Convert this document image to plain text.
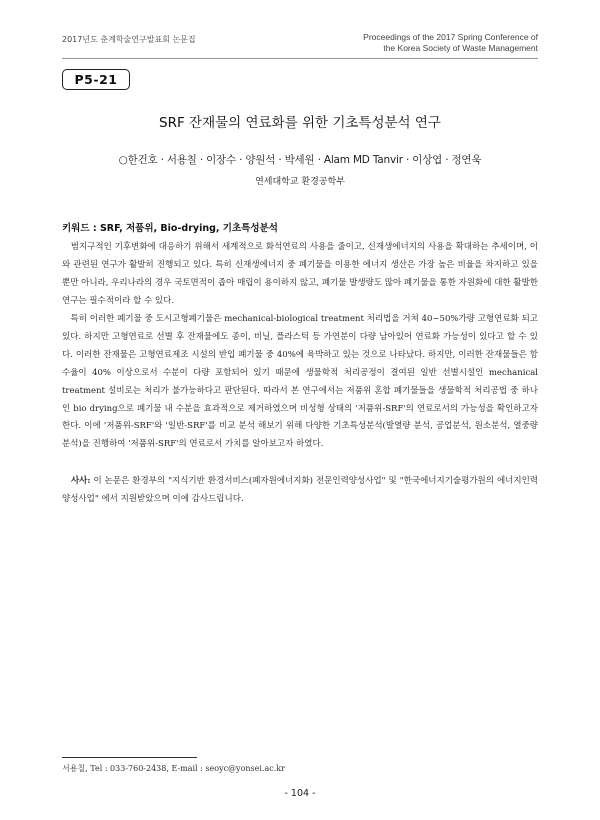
2017년도 춘계학술연구발표회 논문집	Proceedings of the 2017 Spring Conference of
the Korea Society of Waste Management
P5-21
SRF 잔재물의 연료화를 위한 기초특성분석 연구
○한건호 · 서용칠 · 이장수 · 양원석 · 박세원 · Alam MD Tanvir · 이상엽 · 정연욱
연세대학교 환경공학부
키워드 : SRF, 저품위, Bio-drying, 기초특성분석
범지구적인 기후변화에 대응하기 위해서 세계적으로 화석연료의 사용을 줄이고, 신재생에너지의 사용을 확대하는 추세이며, 이와 관련된 연구가 활발히 진행되고 있다. 특히 신재생에너지 중 폐기물을 이용한 에너지 생산은 가장 높은 비율을 차지하고 있을 뿐만 아니라, 우리나라의 경우 국토면적이 좁아 매립이 용이하지 않고, 폐기물 발생량도 많아 폐기물을 통한 자원화에 대한 활발한 연구는 필수적이라 할 수 있다.
특히 이러한 폐기물 중 도시고형폐기물은 mechanical-biological treatment 처리법을 거쳐 40~50%가량 고형연료화 되고 있다. 하지만 고형연료로 선별 후 잔재물에도 종이, 비닐, 플라스틱 등 가연분이 다량 남아있어 연료화 가능성이 있다고 할 수 있다. 이러한 잔재물은 고형연료제조 시설의 반입 폐기물 중 40%에 육박하고 있는 것으로 나타났다. 하지만, 이러한 잔재물들은 함수율이 40% 이상으로서 수분이 다량 포함되어 있기 때문에 생물학적 처리공정이 결여된 일반 선별시설인 mechanical treatment 설비로는 처리가 불가능하다고 판단된다. 따라서 본 연구에서는 저품위 혼합 폐기물들을 생물학적 처리공법 중 하나인 bio drying으로 폐기물 내 수분을 효과적으로 제거하였으며 비성형 상태의 '저품위-SRF'의 연료로서의 가능성을 확인하고자 한다. 이에 '저품위-SRF'와 '일반-SRF'를 비교 분석 해보기 위해 다양한 기초특성분석(발열량 분석, 공업분석, 원소분석, 열중량 분석)을 진행하여 '저품위-SRF'의 연료로서 가치를 알아보고자 하였다.
사사: 이 논문은 환경부의 "지식기반 환경서비스(폐자원에너지화) 전문인력양성사업" 및 "한국에너지기술평가원의 에너지인력양성사업" 에서 지원받았으며 이에 감사드립니다.
서용칠, Tel : 033-760-2438, E-mail : seoyc@yonsei.ac.kr
- 104 -
